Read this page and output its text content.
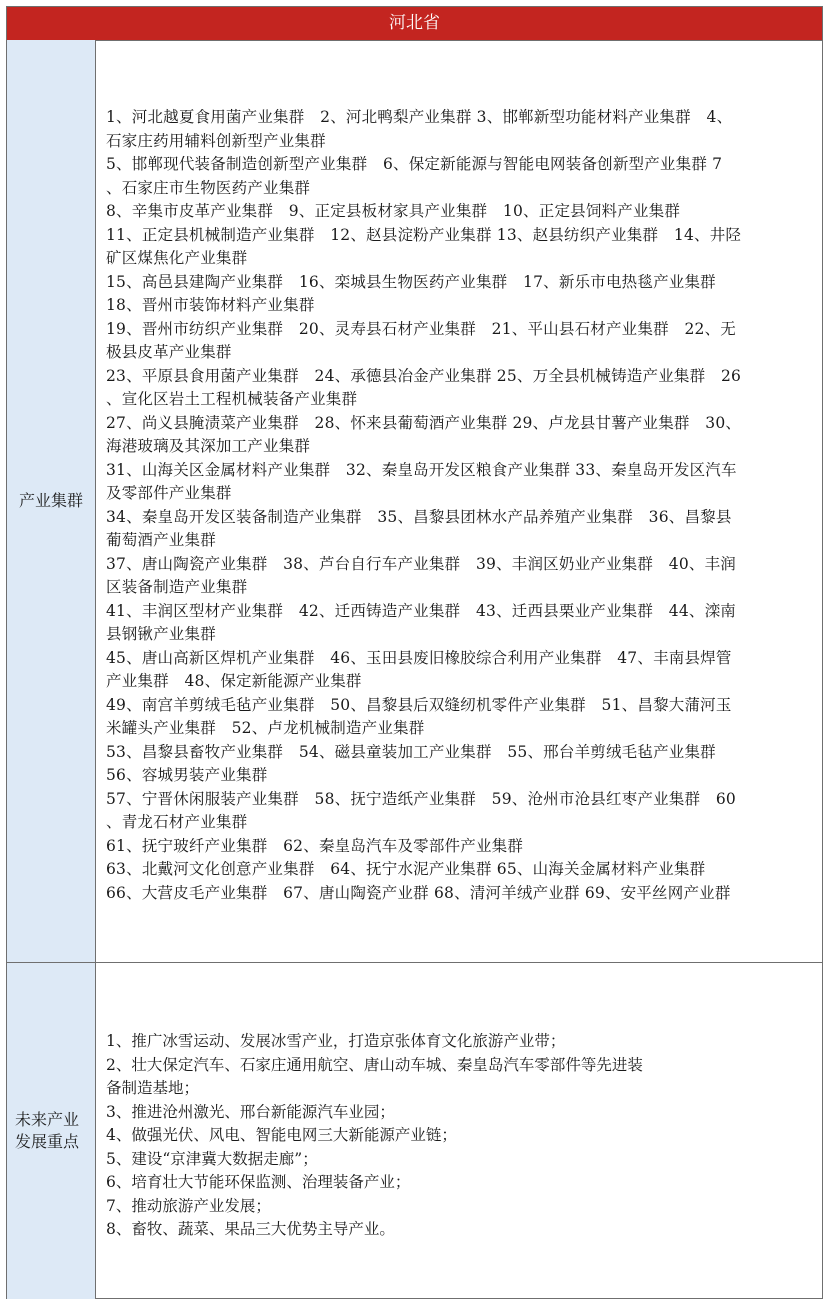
河北省
产业集群
1、河北越夏食用菌产业集群　2、河北鸭梨产业集群 3、邯郸新型功能材料产业集群　4、
石家庄药用辅料创新型产业集群
5、邯郸现代装备制造创新型产业集群　6、保定新能源与智能电网装备创新型产业集群 7
、石家庄市生物医药产业集群
8、辛集市皮革产业集群　9、正定县板材家具产业集群　10、正定县饲料产业集群
11、正定县机械制造产业集群　12、赵县淀粉产业集群 13、赵县纺织产业集群　14、井陉
矿区煤焦化产业集群
15、高邑县建陶产业集群　16、栾城县生物医药产业集群　17、新乐市电热毯产业集群
18、晋州市装饰材料产业集群
19、晋州市纺织产业集群　20、灵寿县石材产业集群　21、平山县石材产业集群　22、无
极县皮革产业集群
23、平原县食用菌产业集群　24、承德县冶金产业集群 25、万全县机械铸造产业集群　26
、宣化区岩土工程机械装备产业集群
27、尚义县腌渍菜产业集群　28、怀来县葡萄酒产业集群 29、卢龙县甘薯产业集群　30、
海港玻璃及其深加工产业集群
31、山海关区金属材料产业集群　32、秦皇岛开发区粮食产业集群 33、秦皇岛开发区汽车
及零部件产业集群
34、秦皇岛开发区装备制造产业集群　35、昌黎县团林水产品养殖产业集群　36、昌黎县
葡萄酒产业集群
37、唐山陶瓷产业集群　38、芦台自行车产业集群　39、丰润区奶业产业集群　40、丰润
区装备制造产业集群
41、丰润区型材产业集群　42、迁西铸造产业集群　43、迁西县栗业产业集群　44、滦南
县钢锹产业集群
45、唐山高新区焊机产业集群　46、玉田县废旧橡胶综合利用产业集群　47、丰南县焊管
产业集群　48、保定新能源产业集群
49、南宫羊剪绒毛毡产业集群　50、昌黎县后双缝纫机零件产业集群　51、昌黎大蒲河玉
米罐头产业集群　52、卢龙机械制造产业集群
53、昌黎县畜牧产业集群　54、磁县童装加工产业集群　55、邢台羊剪绒毛毡产业集群
56、容城男装产业集群
57、宁晋休闲服装产业集群　58、抚宁造纸产业集群　59、沧州市沧县红枣产业集群　60
、青龙石材产业集群
61、抚宁玻纤产业集群　62、秦皇岛汽车及零部件产业集群
63、北戴河文化创意产业集群　64、抚宁水泥产业集群 65、山海关金属材料产业集群
66、大营皮毛产业集群　67、唐山陶瓷产业群 68、清河羊绒产业群 69、安平丝网产业群
未来产业发展重点
1、推广冰雪运动、发展冰雪产业，打造京张体育文化旅游产业带；
2、壮大保定汽车、石家庄通用航空、唐山动车城、秦皇岛汽车零部件等先进装
备制造基地；
3、推进沧州激光、邢台新能源汽车业园；
4、做强光伏、风电、智能电网三大新能源产业链；
5、建设“京津冀大数据走廊”；
6、培育壮大节能环保监测、治理装备产业；
7、推动旅游产业发展；
8、畜牧、蔬菜、果品三大优势主导产业。
